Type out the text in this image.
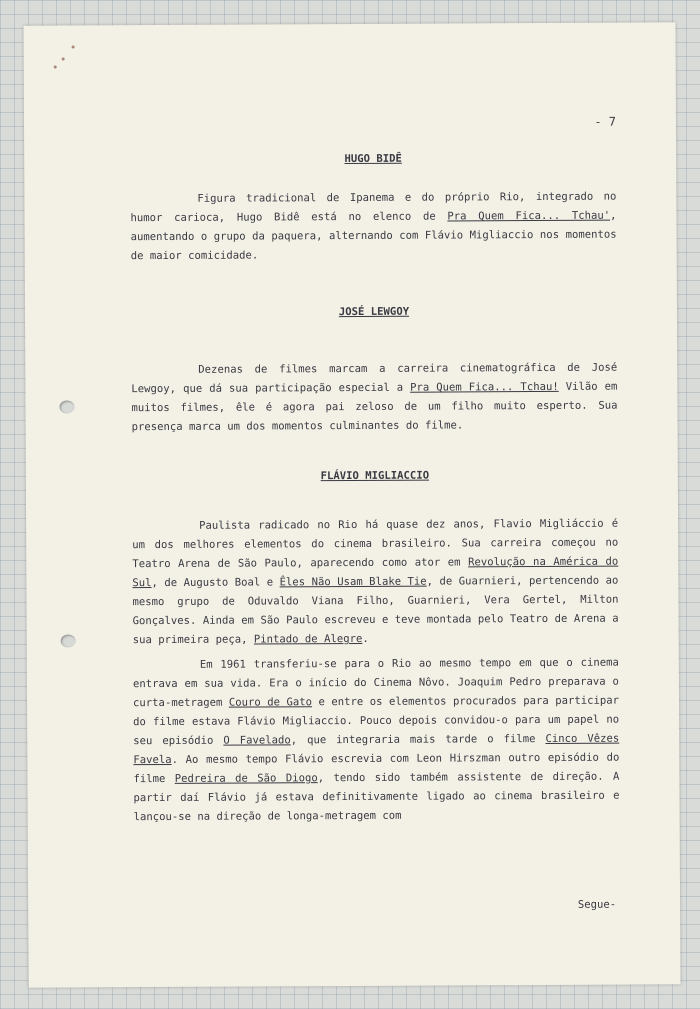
- 7
HUGO BIDÊ

Figura tradicional de Ipanema e do próprio Rio, integrado no humor carioca, Hugo Bidê está no elenco de Pra Quem Fica... Tchau', aumentando o grupo da paquera, alternando com Flávio Migliaccio nos momentos de maior comicidade.

JOSÉ LEWGOY

Dezenas de filmes marcam a carreira cinematográfica de José Lewgoy, que dá sua participação especial a Pra Quem Fica... Tchau! Vilão em muitos filmes, êle é agora pai zeloso de um filho muito esperto. Sua presença marca um dos momentos culminantes do filme.

FLÁVIO MIGLIACCIO

Paulista radicado no Rio há quase dez anos, Flavio Migliáccio é um dos melhores elementos do cinema brasileiro. Sua carreira começou no Teatro Arena de São Paulo, aparecendo como ator em Revolução na América do Sul, de Augusto Boal e Êles Não Usam Blake Tie, de Guarnieri, pertencendo ao mesmo grupo de Oduvaldo Viana Filho, Guarnieri, Vera Gertel, Milton Gonçalves. Ainda em São Paulo escreveu e teve montada pelo Teatro de Arena a sua primeira peça, Pintado de Alegre.

Em 1961 transferiu-se para o Rio ao mesmo tempo em que o cinema entrava em sua vida. Era o início do Cinema Nôvo. Joaquim Pedro preparava o curta-metragem Couro de Gato e entre os elementos procurados para participar do filme estava Flávio Migliaccio. Pouco depois convidou-o para um papel no seu episódio O Favelado, que integraria mais tarde o filme Cinco Vêzes Favela. Ao mesmo tempo Flávio escrevia com Leon Hirszman outro episódio do filme Pedreira de São Diogo, tendo sido também assistente de direção. A partir daí Flávio já estava definitivamente ligado ao cinema brasileiro e lançou-se na direção de longa-metragem com

Segue-
